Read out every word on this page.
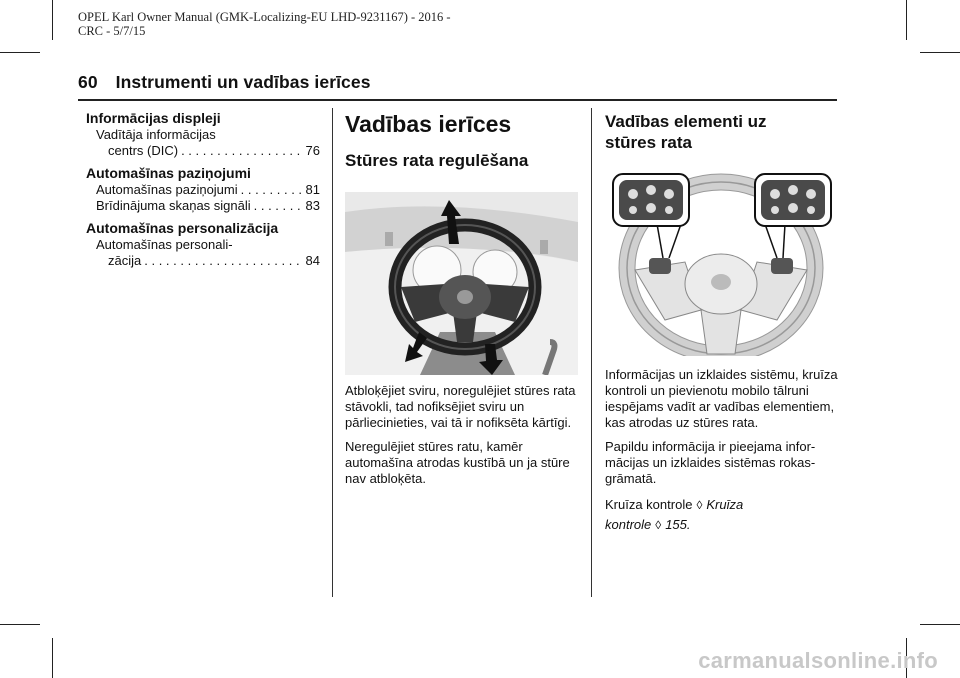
OPEL Karl Owner Manual (GMK-Localizing-EU LHD-9231167) - 2016 -
CRC - 5/7/15
60 Instrumenti un vadības ierīces
Informācijas displeji
Vadītāja informācijas
centrs (DIC) . . .	76
Automašīnas paziņojumi
Automašīnas paziņojumi . . .	81
Brīdinājuma skaņas signāli . . .	83
Automašīnas personalizācija
Automašīnas personali-
zācija . . .	84
Vadības ierīces
Stūres rata regulēšana

Atbloķējiet sviru, noregulējiet stūres rata stāvokli, tad nofiksējiet sviru un pārliecinieties, vai tā ir nofiksēta kārtīgi.

Neregulējiet stūres ratu, kamēr automašīna atrodas kustībā un ja stūre nav atbloķēta.

Vadības elementi uz
stūres rata

Informācijas un izklaides sistēmu, kruīza kontroli un pievienotu mobilo tālruni iespējams vadīt ar vadības elementiem, kas atrodas uz stūres rata.

Papildu informācija ir pieejama infor-mācijas un izklaides sistēmas rokas-grāmatā.

Kruīza kontrole ◊ Kruīza
kontrole ◊ 155.

carmanualsonline.info
